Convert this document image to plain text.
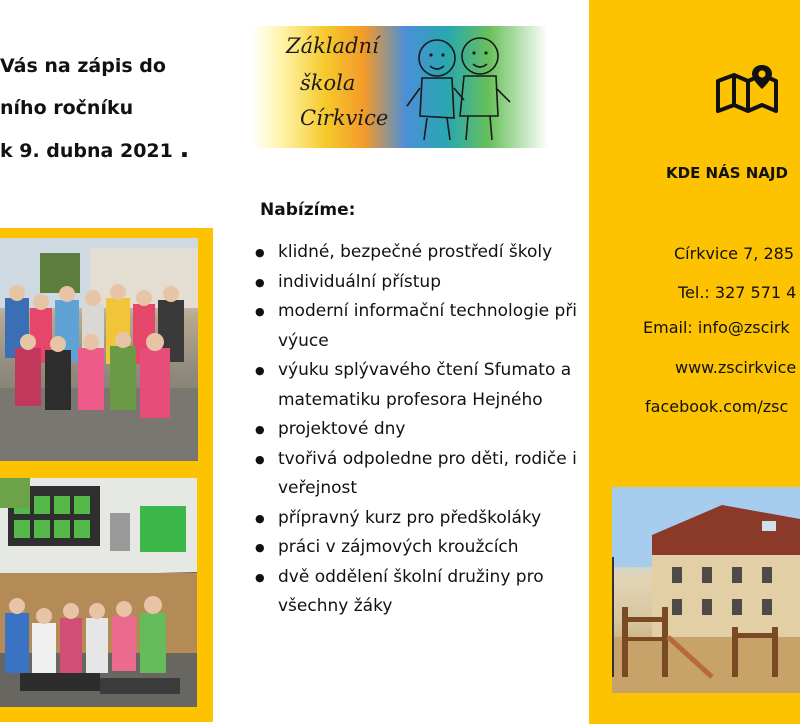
Vás na zápis do
ního ročníku
k 9. dubna 2021 .
Základní
škola
Církvice
Nabízíme:
● klidné, bezpečné prostředí školy
● individuální přístup
● moderní informační technologie při výuce
● výuku splývavého čtení Sfumato a matematiku profesora Hejného
● projektové dny
● tvořivá odpoledne pro děti, rodiče i veřejnost
● přípravný kurz pro předškoláky
● práci v zájmových kroužcích
● dvě oddělení školní družiny pro všechny žáky
KDE NÁS NAJD
Církvice 7, 285
Tel.: 327 571 4
Email: info@zscirk
www.zscirkvice
facebook.com/zsc
